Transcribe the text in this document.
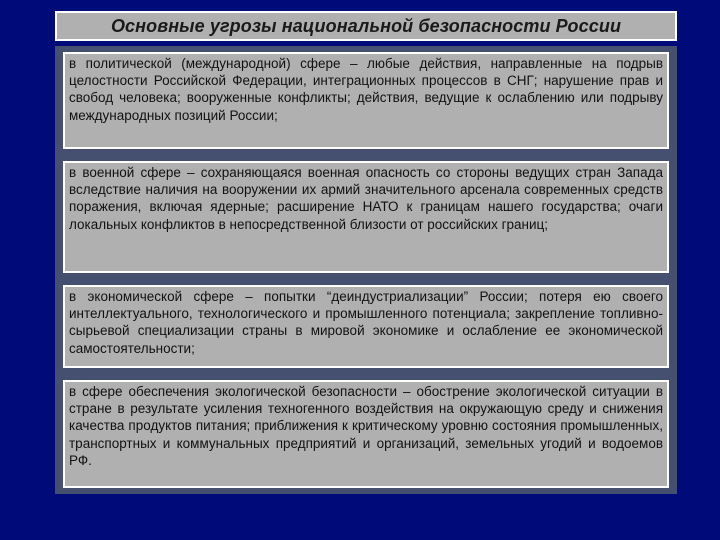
Основные угрозы национальной безопасности России

в политической (международной) сфере – любые действия, направленные на подрыв целостности Российской Федерации, интеграционных процессов в СНГ; нарушение прав и свобод человека; вооруженные конфликты; действия, ведущие к ослаблению или подрыву международных позиций России;

в военной сфере – сохраняющаяся военная опасность со стороны ведущих стран Запада вследствие наличия на вооружении их армий значительного арсенала современных средств поражения, включая ядерные; расширение НАТО к границам нашего государства; очаги локальных конфликтов в непосредственной близости от российских границ;

в экономической сфере – попытки “деиндустриализации” России; потеря ею своего интеллектуального, технологического и промышленного потенциала; закрепление топливно-сырьевой специализации страны в мировой экономике и ослабление ее экономической самостоятельности;

в сфере обеспечения экологической безопасности – обострение экологической ситуации в стране в результате усиления техногенного воздействия на окружающую среду и снижения качества продуктов питания; приближения к критическому уровню состояния промышленных, транспортных и коммунальных предприятий и организаций, земельных угодий и водоемов РФ.
